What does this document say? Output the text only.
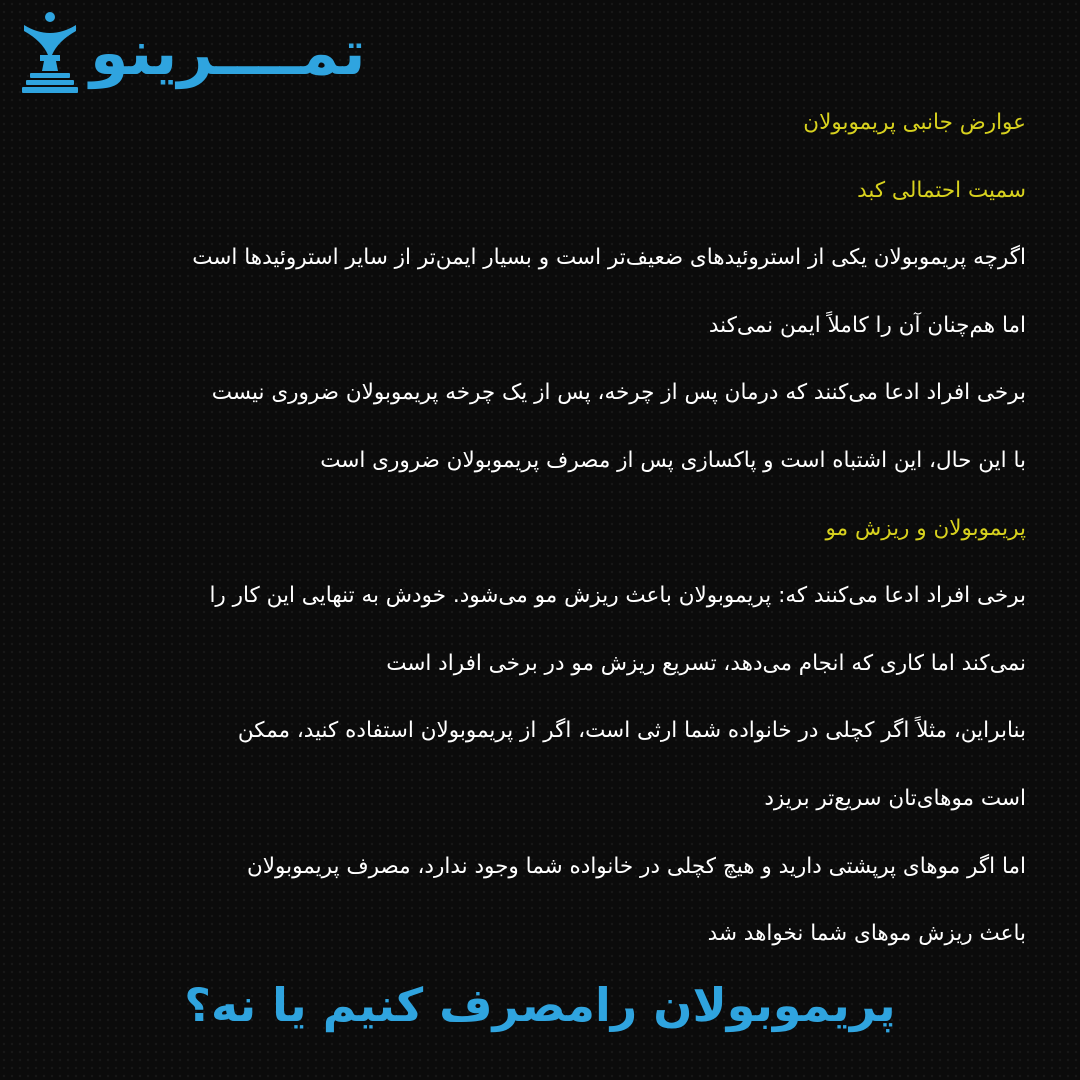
تمــــرینو
عوارض جانبی پریموبولان
سمیت احتمالی کبد
اگرچه پریموبولان یکی از استروئیدهای ضعیف‌تر است و بسیار ایمن‌تر از سایر استروئیدها است
اما هم‌چنان آن را کاملاً ایمن نمی‌کند
برخی افراد ادعا می‌کنند که درمان پس از چرخه، پس از یک چرخه پریموبولان ضروری نیست
با این حال، این اشتباه است و پاکسازی پس از مصرف پریموبولان ضروری است
پریموبولان و ریزش مو
برخی افراد ادعا می‌کنند که: پریموبولان باعث ریزش مو می‌شود. خودش به تنهایی این کار را
نمی‌کند اما کاری که انجام می‌دهد، تسریع ریزش مو در برخی افراد است
بنابراین، مثلاً اگر کچلی در خانواده شما ارثی است، اگر از پریموبولان استفاده کنید، ممکن
است موهای‌تان سریع‌تر بریزد
اما اگر موهای پرپشتی دارید و هیچ کچلی در خانواده شما وجود ندارد، مصرف پریموبولان
باعث ریزش موهای شما نخواهد شد
پریموبولان رامصرف کنیم یا نه؟
